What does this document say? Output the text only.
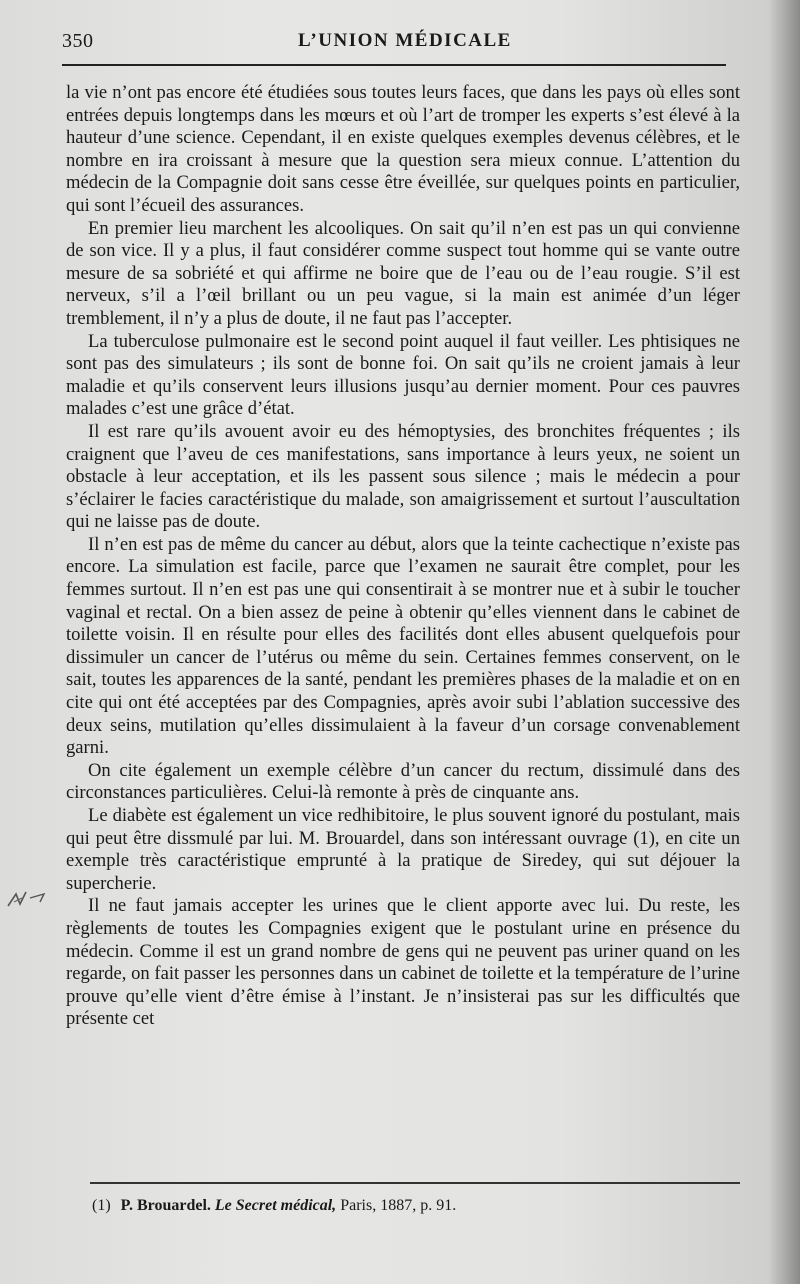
350	L’UNION MÉDICALE

la vie n’ont pas encore été étudiées sous toutes leurs faces, que dans les pays où elles sont entrées depuis longtemps dans les mœurs et où l’art de tromper les experts s’est élevé à la hauteur d’une science. Cependant, il en existe quelques exemples devenus célèbres, et le nombre en ira croissant à mesure que la question sera mieux connue. L’attention du médecin de la Compagnie doit sans cesse être éveillée, sur quelques points en particulier, qui sont l’écueil des assurances.

En premier lieu marchent les alcooliques. On sait qu’il n’en est pas un qui convienne de son vice. Il y a plus, il faut considérer comme suspect tout homme qui se vante outre mesure de sa sobriété et qui affirme ne boire que de l’eau ou de l’eau rougie. S’il est nerveux, s’il a l’œil brillant ou un peu vague, si la main est animée d’un léger tremblement, il n’y a plus de doute, il ne faut pas l’accepter.

La tuberculose pulmonaire est le second point auquel il faut veiller. Les phtisiques ne sont pas des simulateurs ; ils sont de bonne foi. On sait qu’ils ne croient jamais à leur maladie et qu’ils conservent leurs illusions jusqu’au dernier moment. Pour ces pauvres malades c’est une grâce d’état.

Il est rare qu’ils avouent avoir eu des hémoptysies, des bronchites fréquentes ; ils craignent que l’aveu de ces manifestations, sans importance à leurs yeux, ne soient un obstacle à leur acceptation, et ils les passent sous silence ; mais le médecin a pour s’éclairer le facies caractéristique du malade, son amaigrissement et surtout l’auscultation qui ne laisse pas de doute.

Il n’en est pas de même du cancer au début, alors que la teinte cachectique n’existe pas encore. La simulation est facile, parce que l’examen ne saurait être complet, pour les femmes surtout. Il n’en est pas une qui consentirait à se montrer nue et à subir le toucher vaginal et rectal. On a bien assez de peine à obtenir qu’elles viennent dans le cabinet de toilette voisin. Il en résulte pour elles des facilités dont elles abusent quelquefois pour dissimuler un cancer de l’utérus ou même du sein. Certaines femmes conservent, on le sait, toutes les apparences de la santé, pendant les premières phases de la maladie et on en cite qui ont été acceptées par des Compagnies, après avoir subi l’ablation successive des deux seins, mutilation qu’elles dissimulaient à la faveur d’un corsage convenablement garni.

On cite également un exemple célèbre d’un cancer du rectum, dissimulé dans des circonstances particulières. Celui-là remonte à près de cinquante ans.

Le diabète est également un vice redhibitoire, le plus souvent ignoré du postulant, mais qui peut être dissmulé par lui. M. Brouardel, dans son intéressant ouvrage (1), en cite un exemple très caractéristique emprunté à la pratique de Siredey, qui sut déjouer la supercherie.

Il ne faut jamais accepter les urines que le client apporte avec lui. Du reste, les règlements de toutes les Compagnies exigent que le postulant urine en présence du médecin. Comme il est un grand nombre de gens qui ne peuvent pas uriner quand on les regarde, on fait passer les personnes dans un cabinet de toilette et la température de l’urine prouve qu’elle vient d’être émise à l’instant. Je n’insisterai pas sur les difficultés que présente cet

(1) P. Brouardel. Le Secret médical, Paris, 1887, p. 91.
